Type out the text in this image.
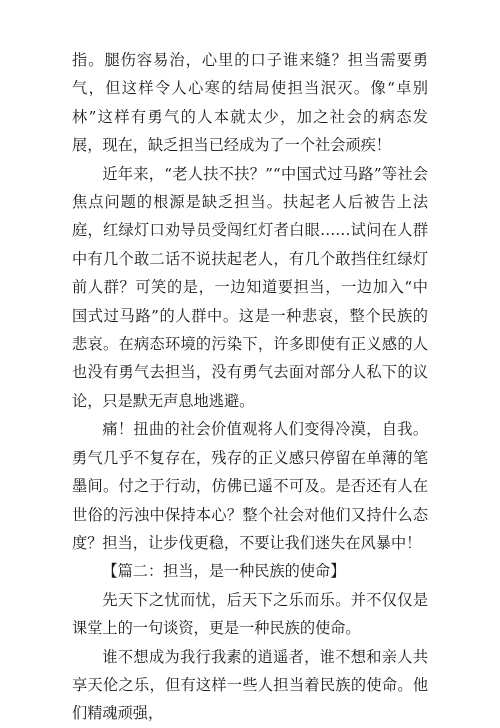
指。腿伤容易治，心里的口子谁来缝？担当需要勇气，但这样令人心寒的结局使担当泯灭。像“卓别林”这样有勇气的人本就太少，加之社会的病态发展，现在，缺乏担当已经成为了一个社会顽疾！

近年来，“老人扶不扶？”“中国式过马路”等社会焦点问题的根源是缺乏担当。扶起老人后被告上法庭，红绿灯口劝导员受闯红灯者白眼……试问在人群中有几个敢二话不说扶起老人，有几个敢挡住红绿灯前人群？可笑的是，一边知道要担当，一边加入“中国式过马路”的人群中。这是一种悲哀，整个民族的悲哀。在病态环境的污染下，许多即使有正义感的人也没有勇气去担当，没有勇气去面对部分人私下的议论，只是默无声息地逃避。

痛！扭曲的社会价值观将人们变得冷漠，自我。勇气几乎不复存在，残存的正义感只停留在单薄的笔墨间。付之于行动，仿佛已遥不可及。是否还有人在世俗的污浊中保持本心？整个社会对他们又持什么态度？担当，让步伐更稳，不要让我们迷失在风暴中！

【篇二：担当，是一种民族的使命】

先天下之忧而忧，后天下之乐而乐。并不仅仅是课堂上的一句谈资，更是一种民族的使命。

谁不想成为我行我素的逍遥者，谁不想和亲人共享天伦之乐，但有这样一些人担当着民族的使命。他们精魂顽强，
